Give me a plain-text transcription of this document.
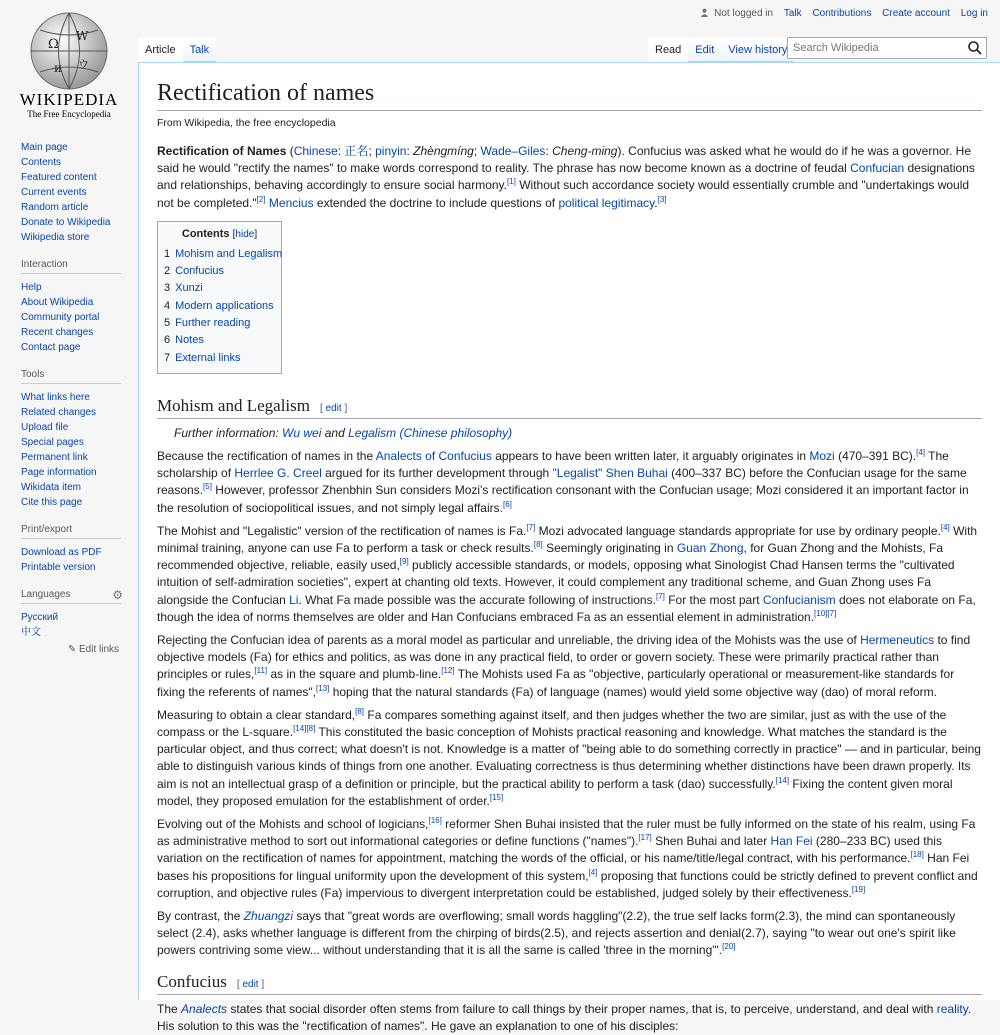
Ω
W
и ウ
WIKIPEDIA
The Free Encyclopedia
Not logged in Talk Contributions Create account Log in
Article	Talk	Read	Edit	View history
Search Wikipedia
Main page
Contents
Featured content
Current events
Random article
Donate to Wikipedia
Wikipedia store
Interaction
Help
About Wikipedia
Community portal
Recent changes
Contact page
Tools
What links here
Related changes
Upload file
Special pages
Permanent link
Page information
Wikidata item
Cite this page
Print/export
Download as PDF
Printable version
Languages	⚙
Русский
中文
✎ Edit links
Rectification of names
From Wikipedia, the free encyclopedia

Rectification of Names (Chinese: 正名; pinyin: Zhèngmíng; Wade–Giles: Cheng-ming). Confucius was asked what he would do if he was a governor. He said he would "rectify the names" to make words correspond to reality. The phrase has now become known as a doctrine of feudal Confucian designations and relationships, behaving accordingly to ensure social harmony.[1] Without such accordance society would essentially crumble and "undertakings would not be completed."[2] Mencius extended the doctrine to include questions of political legitimacy.[3]

Contents [hide]
1 Mohism and Legalism
2 Confucius
3 Xunzi
4 Modern applications
5 Further reading
6 Notes
7 External links
Mohism and Legalism [ edit ]
Further information: Wu wei and Legalism (Chinese philosophy)

Because the rectification of names in the Analects of Confucius appears to have been written later, it arguably originates in Mozi (470–391 BC).[4] The scholarship of Herrlee G. Creel argued for its further development through "Legalist" Shen Buhai (400–337 BC) before the Confucian usage for the same reasons.[5] However, professor Zhenbhin Sun considers Mozi's rectification consonant with the Confucian usage; Mozi considered it an important factor in the resolution of sociopolitical issues, and not simply legal affairs.[6]

The Mohist and "Legalistic" version of the rectification of names is Fa.[7] Mozi advocated language standards appropriate for use by ordinary people.[4] With minimal training, anyone can use Fa to perform a task or check results.[8] Seemingly originating in Guan Zhong, for Guan Zhong and the Mohists, Fa recommended objective, reliable, easily used,[9] publicly accessible standards, or models, opposing what Sinologist Chad Hansen terms the "cultivated intuition of self-admiration societies", expert at chanting old texts. However, it could complement any traditional scheme, and Guan Zhong uses Fa alongside the Confucian Li. What Fa made possible was the accurate following of instructions.[7] For the most part Confucianism does not elaborate on Fa, though the idea of norms themselves are older and Han Confucians embraced Fa as an essential element in administration.[10][7]

Rejecting the Confucian idea of parents as a moral model as particular and unreliable, the driving idea of the Mohists was the use of Hermeneutics to find objective models (Fa) for ethics and politics, as was done in any practical field, to order or govern society. These were primarily practical rather than principles or rules,[11] as in the square and plumb-line.[12] The Mohists used Fa as "objective, particularly operational or measurement-like standards for fixing the referents of names",[13] hoping that the natural standards (Fa) of language (names) would yield some objective way (dao) of moral reform.

Measuring to obtain a clear standard,[8] Fa compares something against itself, and then judges whether the two are similar, just as with the use of the compass or the L-square.[14][8] This constituted the basic conception of Mohists practical reasoning and knowledge. What matches the standard is the particular object, and thus correct; what doesn't is not. Knowledge is a matter of "being able to do something correctly in practice" — and in particular, being able to distinguish various kinds of things from one another. Evaluating correctness is thus determining whether distinctions have been drawn properly. Its aim is not an intellectual grasp of a definition or principle, but the practical ability to perform a task (dao) successfully.[14] Fixing the content given moral model, they proposed emulation for the establishment of order.[15]

Evolving out of the Mohists and school of logicians,[16] reformer Shen Buhai insisted that the ruler must be fully informed on the state of his realm, using Fa as administrative method to sort out informational categories or define functions ("names").[17] Shen Buhai and later Han Fei (280–233 BC) used this variation on the rectification of names for appointment, matching the words of the official, or his name/title/legal contract, with his performance.[18] Han Fei bases his propositions for lingual uniformity upon the development of this system,[4] proposing that functions could be strictly defined to prevent conflict and corruption, and objective rules (Fa) impervious to divergent interpretation could be established, judged solely by their effectiveness.[19]

By contrast, the Zhuangzi says that "great words are overflowing; small words haggling"(2.2), the true self lacks form(2.3), the mind can spontaneously select (2.4), asks whether language is different from the chirping of birds(2.5), and rejects assertion and denial(2.7), saying "to wear out one's spirit like powers contriving some view... without understanding that it is all the same is called 'three in the morning'".[20]

Confucius [ edit ]

The Analects states that social disorder often stems from failure to call things by their proper names, that is, to perceive, understand, and deal with reality. His solution to this was the "rectification of names". He gave an explanation to one of his disciples:
